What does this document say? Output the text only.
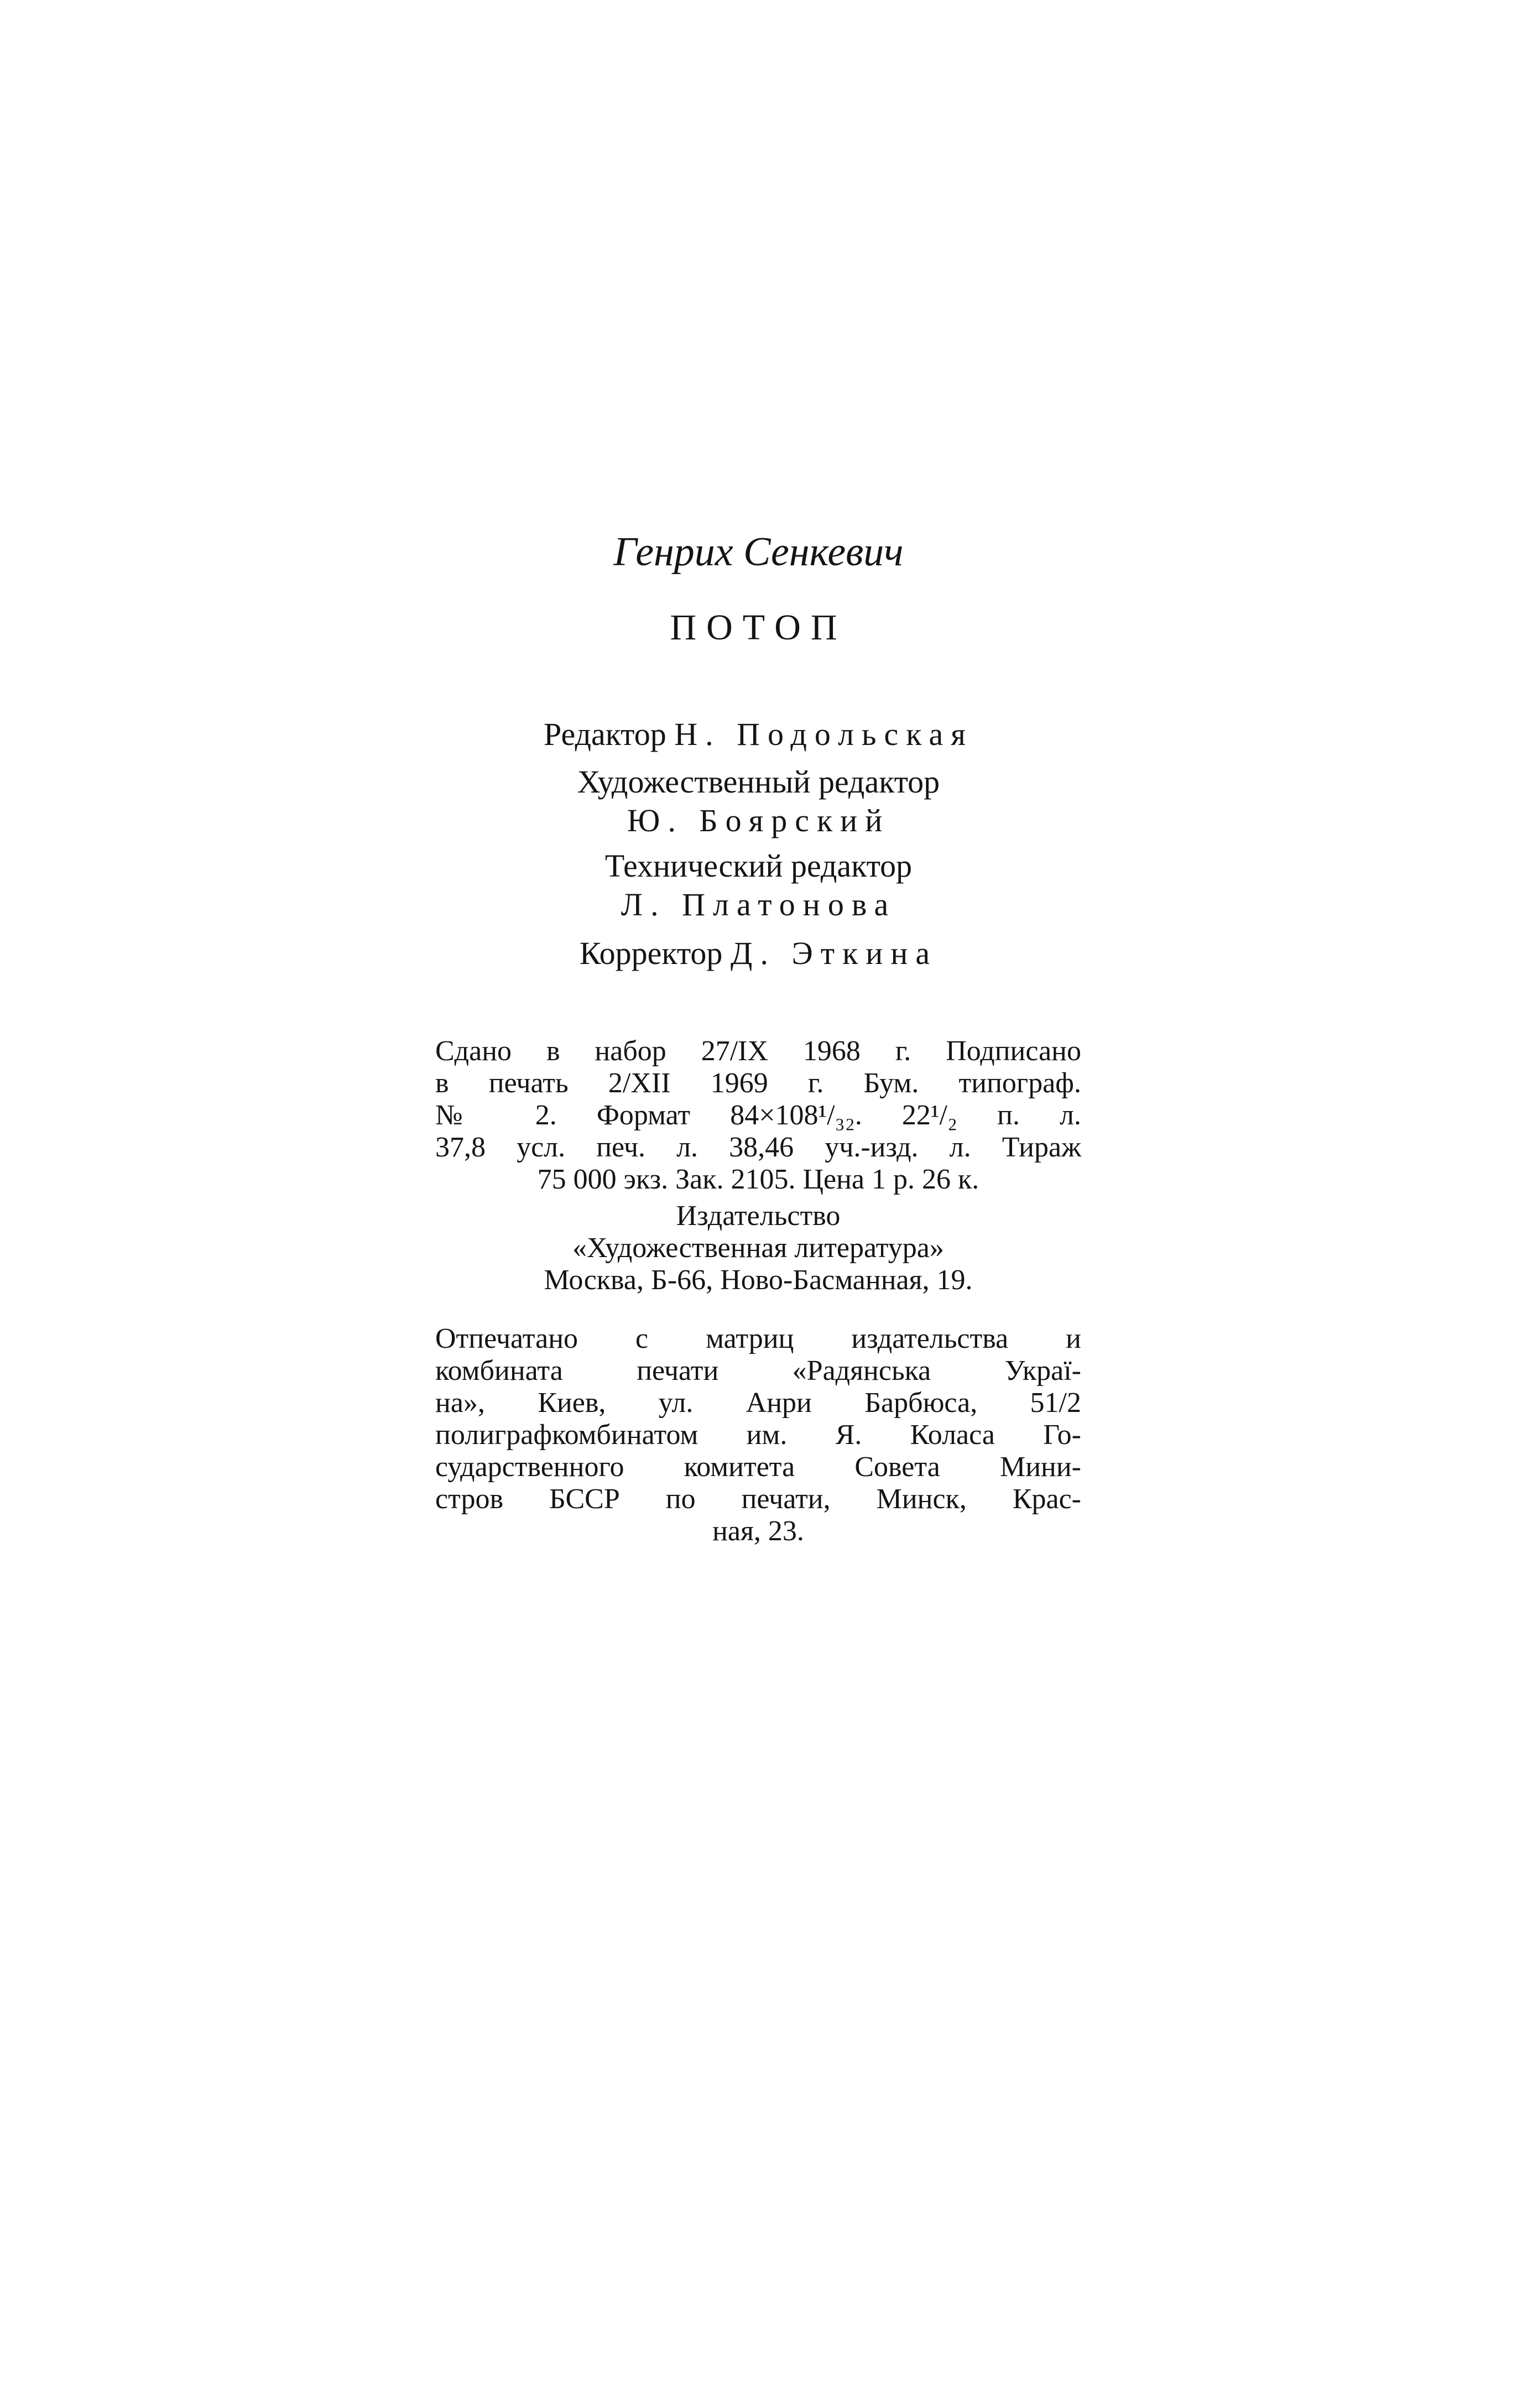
Генрих Сенкевич
ПОТОП
Редактор Н. Подольская
Художественный редактор
Ю. Боярский
Технический редактор
Л. Платонова
Корректор Д. Эткина
Сдано в набор 27/IX 1968 г. Подписано
в печать 2/XII 1969 г. Бум. типограф.
№ 2. Формат 84×108¹/₃₂. 22¹/₂ п. л.
37,8 усл. печ. л. 38,46 уч.-изд. л. Тираж
75 000 экз. Зак. 2105. Цена 1 р. 26 к.
Издательство
«Художественная литература»
Москва, Б-66, Ново-Басманная, 19.
Отпечатано с матриц издательства и
комбината печати «Радянська Украї-
на», Киев, ул. Анри Барбюса, 51/2
полиграфкомбинатом им. Я. Коласа Го-
сударственного комитета Совета Мини-
стров БССР по печати, Минск, Крас-
ная, 23.
